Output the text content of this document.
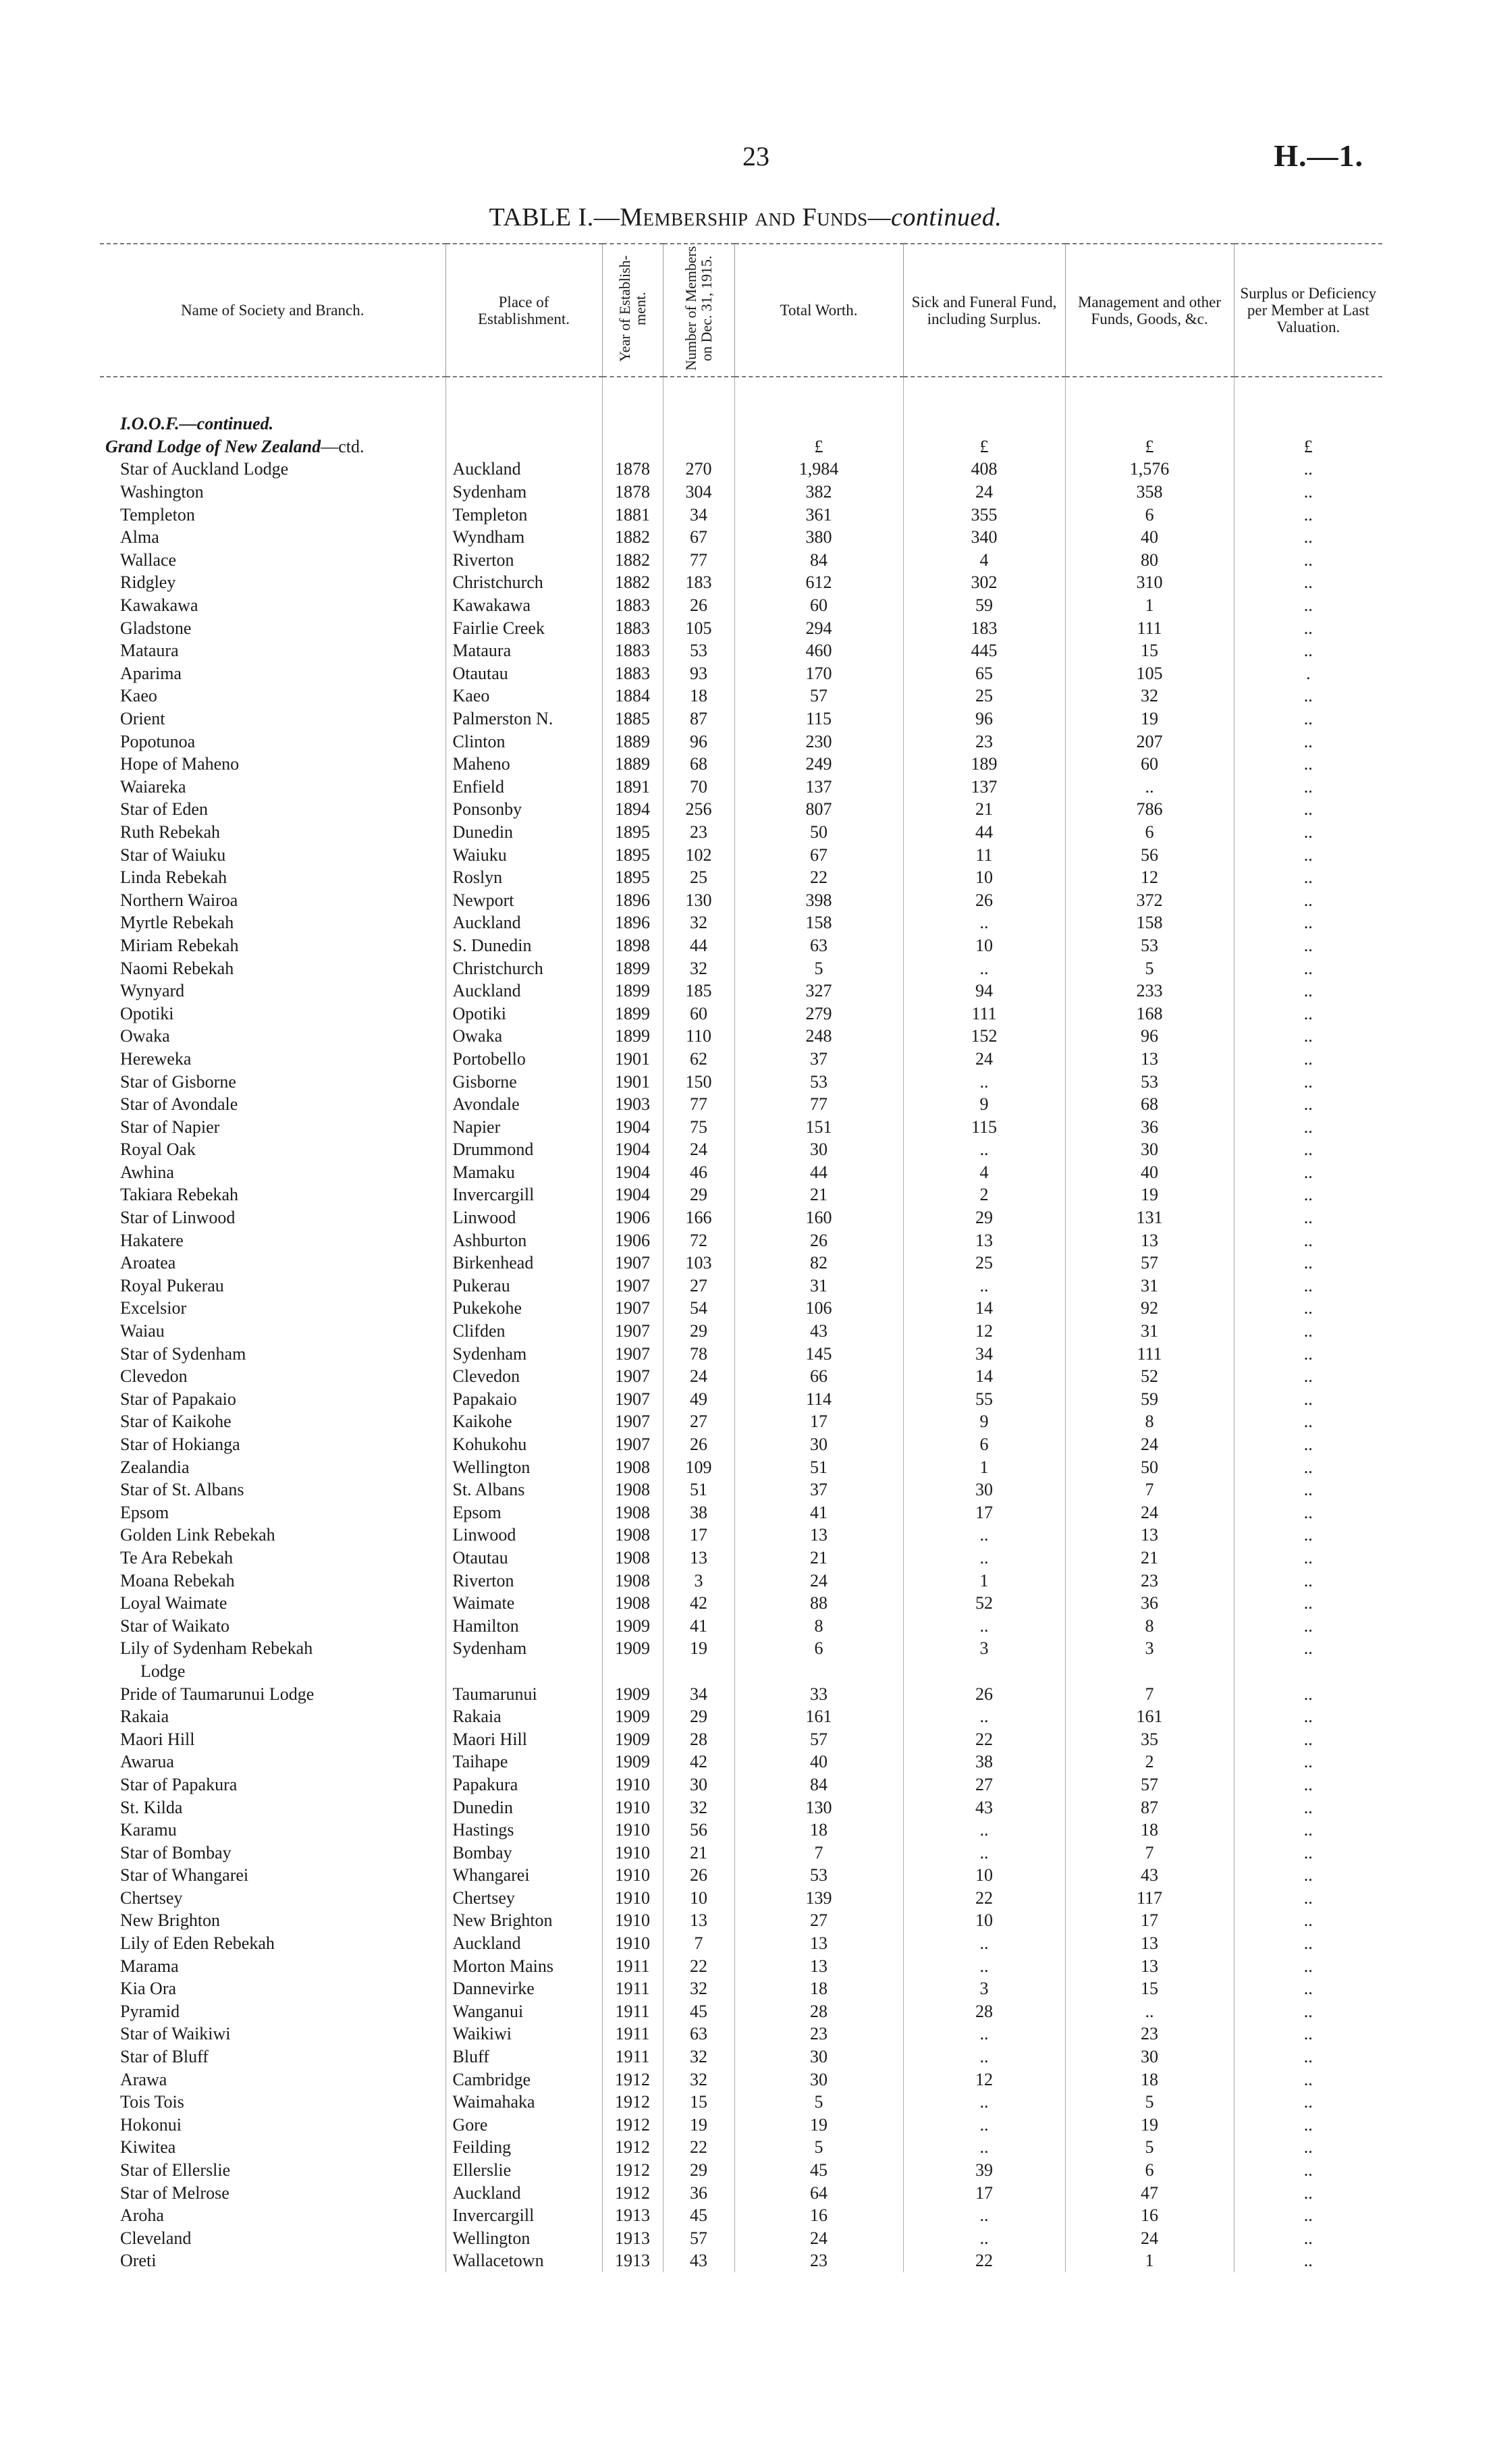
23	H.—1.
TABLE I.—Membership and Funds—continued.
Name of Society and Branch.	Place of Establishment.	Year of Establish-ment.	Number of Members on Dec. 31, 1915.	Total Worth.	Sick and Funeral Fund, including Surplus.	Management and other Funds, Goods, &c.	Surplus or Deficiency per Member at Last Valuation.

I.O.O.F.—continued.							
Grand Lodge of New Zealand—ctd.				£	£	£	£
Star of Auckland Lodge	Auckland	1878	270	1,984	408	1,576	..
Washington	Sydenham	1878	304	382	24	358	..
Templeton	Templeton	1881	34	361	355	6	..
Alma	Wyndham	1882	67	380	340	40	..
Wallace	Riverton	1882	77	84	4	80	..
Ridgley	Christchurch	1882	183	612	302	310	..
Kawakawa	Kawakawa	1883	26	60	59	1	..
Gladstone	Fairlie Creek	1883	105	294	183	111	..
Mataura	Mataura	1883	53	460	445	15	..
Aparima	Otautau	1883	93	170	65	105	.
Kaeo	Kaeo	1884	18	57	25	32	..
Orient	Palmerston N.	1885	87	115	96	19	..
Popotunoa	Clinton	1889	96	230	23	207	..
Hope of Maheno	Maheno	1889	68	249	189	60	..
Waiareka	Enfield	1891	70	137	137	..	..
Star of Eden	Ponsonby	1894	256	807	21	786	..
Ruth Rebekah	Dunedin	1895	23	50	44	6	..
Star of Waiuku	Waiuku	1895	102	67	11	56	..
Linda Rebekah	Roslyn	1895	25	22	10	12	..
Northern Wairoa	Newport	1896	130	398	26	372	..
Myrtle Rebekah	Auckland	1896	32	158	..	158	..
Miriam Rebekah	S. Dunedin	1898	44	63	10	53	..
Naomi Rebekah	Christchurch	1899	32	5	..	5	..
Wynyard	Auckland	1899	185	327	94	233	..
Opotiki	Opotiki	1899	60	279	111	168	..
Owaka	Owaka	1899	110	248	152	96	..
Hereweka	Portobello	1901	62	37	24	13	..
Star of Gisborne	Gisborne	1901	150	53	..	53	..
Star of Avondale	Avondale	1903	77	77	9	68	..
Star of Napier	Napier	1904	75	151	115	36	..
Royal Oak	Drummond	1904	24	30	..	30	..
Awhina	Mamaku	1904	46	44	4	40	..
Takiara Rebekah	Invercargill	1904	29	21	2	19	..
Star of Linwood	Linwood	1906	166	160	29	131	..
Hakatere	Ashburton	1906	72	26	13	13	..
Aroatea	Birkenhead	1907	103	82	25	57	..
Royal Pukerau	Pukerau	1907	27	31	..	31	..
Excelsior	Pukekohe	1907	54	106	14	92	..
Waiau	Clifden	1907	29	43	12	31	..
Star of Sydenham	Sydenham	1907	78	145	34	111	..
Clevedon	Clevedon	1907	24	66	14	52	..
Star of Papakaio	Papakaio	1907	49	114	55	59	..
Star of Kaikohe	Kaikohe	1907	27	17	9	8	..
Star of Hokianga	Kohukohu	1907	26	30	6	24	..
Zealandia	Wellington	1908	109	51	1	50	..
Star of St. Albans	St. Albans	1908	51	37	30	7	..
Epsom	Epsom	1908	38	41	17	24	..
Golden Link Rebekah	Linwood	1908	17	13	..	13	..
Te Ara Rebekah	Otautau	1908	13	21	..	21	..
Moana Rebekah	Riverton	1908	3	24	1	23	..
Loyal Waimate	Waimate	1908	42	88	52	36	..
Star of Waikato	Hamilton	1909	41	8	..	8	..
Lily of Sydenham Rebekah	Sydenham	1909	19	6	3	3	..
Lodge							
Pride of Taumarunui Lodge	Taumarunui	1909	34	33	26	7	..
Rakaia	Rakaia	1909	29	161	..	161	..
Maori Hill	Maori Hill	1909	28	57	22	35	..
Awarua	Taihape	1909	42	40	38	2	..
Star of Papakura	Papakura	1910	30	84	27	57	..
St. Kilda	Dunedin	1910	32	130	43	87	..
Karamu	Hastings	1910	56	18	..	18	..
Star of Bombay	Bombay	1910	21	7	..	7	..
Star of Whangarei	Whangarei	1910	26	53	10	43	..
Chertsey	Chertsey	1910	10	139	22	117	..
New Brighton	New Brighton	1910	13	27	10	17	..
Lily of Eden Rebekah	Auckland	1910	7	13	..	13	..
Marama	Morton Mains	1911	22	13	..	13	..
Kia Ora	Dannevirke	1911	32	18	3	15	..
Pyramid	Wanganui	1911	45	28	28	..	..
Star of Waikiwi	Waikiwi	1911	63	23	..	23	..
Star of Bluff	Bluff	1911	32	30	..	30	..
Arawa	Cambridge	1912	32	30	12	18	..
Tois Tois	Waimahaka	1912	15	5	..	5	..
Hokonui	Gore	1912	19	19	..	19	..
Kiwitea	Feilding	1912	22	5	..	5	..
Star of Ellerslie	Ellerslie	1912	29	45	39	6	..
Star of Melrose	Auckland	1912	36	64	17	47	..
Aroha	Invercargill	1913	45	16	..	16	..
Cleveland	Wellington	1913	57	24	..	24	..
Oreti	Wallacetown	1913	43	23	22	1	..
